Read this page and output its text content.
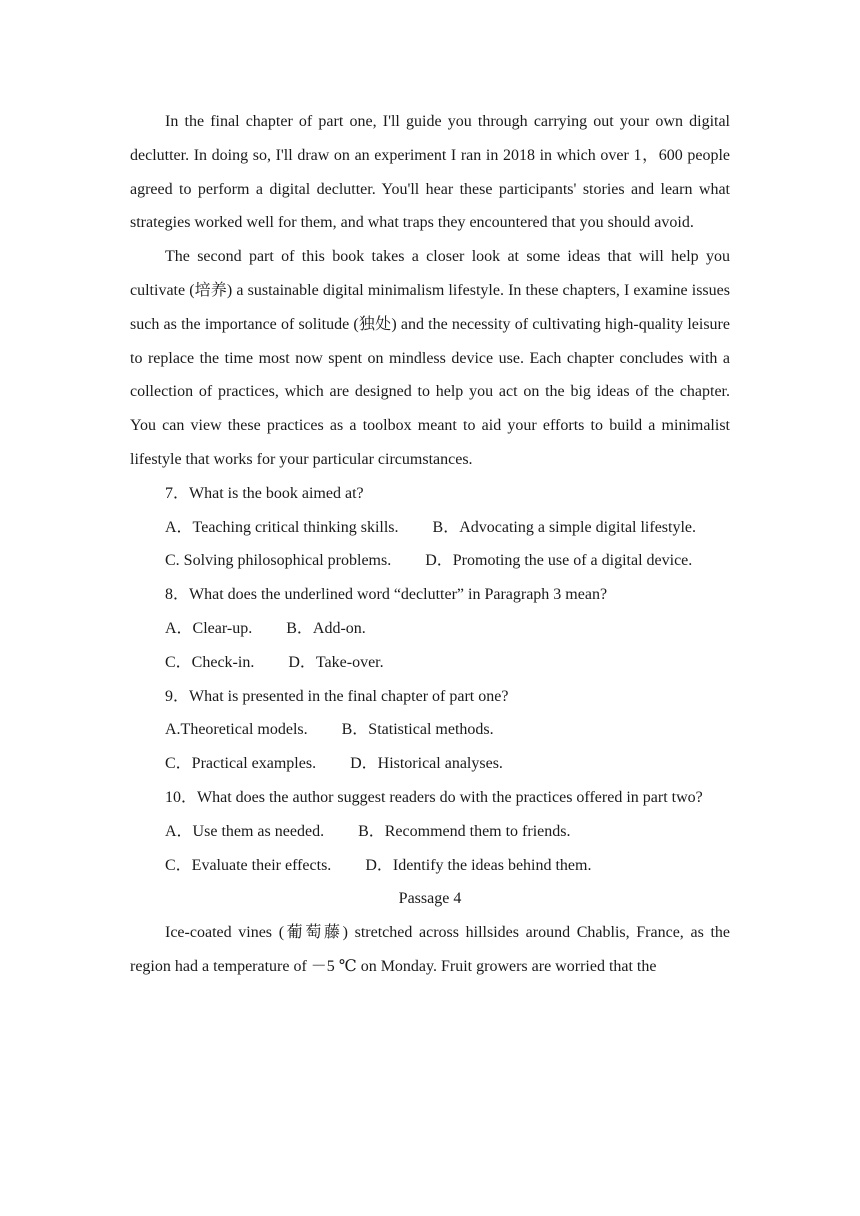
In the final chapter of part one, I'll guide you through carrying out your own digital declutter. In doing so, I'll draw on an experiment I ran in 2018 in which over 1，600 people agreed to perform a digital declutter. You'll hear these participants' stories and learn what strategies worked well for them, and what traps they encountered that you should avoid.

The second part of this book takes a closer look at some ideas that will help you cultivate (培养) a sustainable digital minimalism lifestyle. In these chapters, I examine issues such as the importance of solitude (独处) and the necessity of cultivating high-quality leisure to replace the time most now spent on mindless device use. Each chapter concludes with a collection of practices, which are designed to help you act on the big ideas of the chapter. You can view these practices as a toolbox meant to aid your efforts to build a minimalist lifestyle that works for your particular circumstances.

7．What is the book aimed at?

A．Teaching critical thinking skills. B．Advocating a simple digital lifestyle.

C. Solving philosophical problems. D．Promoting the use of a digital device.

8．What does the underlined word “declutter” in Paragraph 3 mean?

A．Clear-up. B．Add-on.

C．Check-in. D．Take-over.

9．What is presented in the final chapter of part one?

A.Theoretical models. B．Statistical methods.

C．Practical examples. D．Historical analyses.

10．What does the author suggest readers do with the practices offered in part two?

A．Use them as needed. B．Recommend them to friends.

C．Evaluate their effects. D．Identify the ideas behind them.

Passage 4

Ice-coated vines (葡萄藤) stretched across hillsides around Chablis, France, as the region had a temperature of －5 ℃ on Monday. Fruit growers are worried that the
